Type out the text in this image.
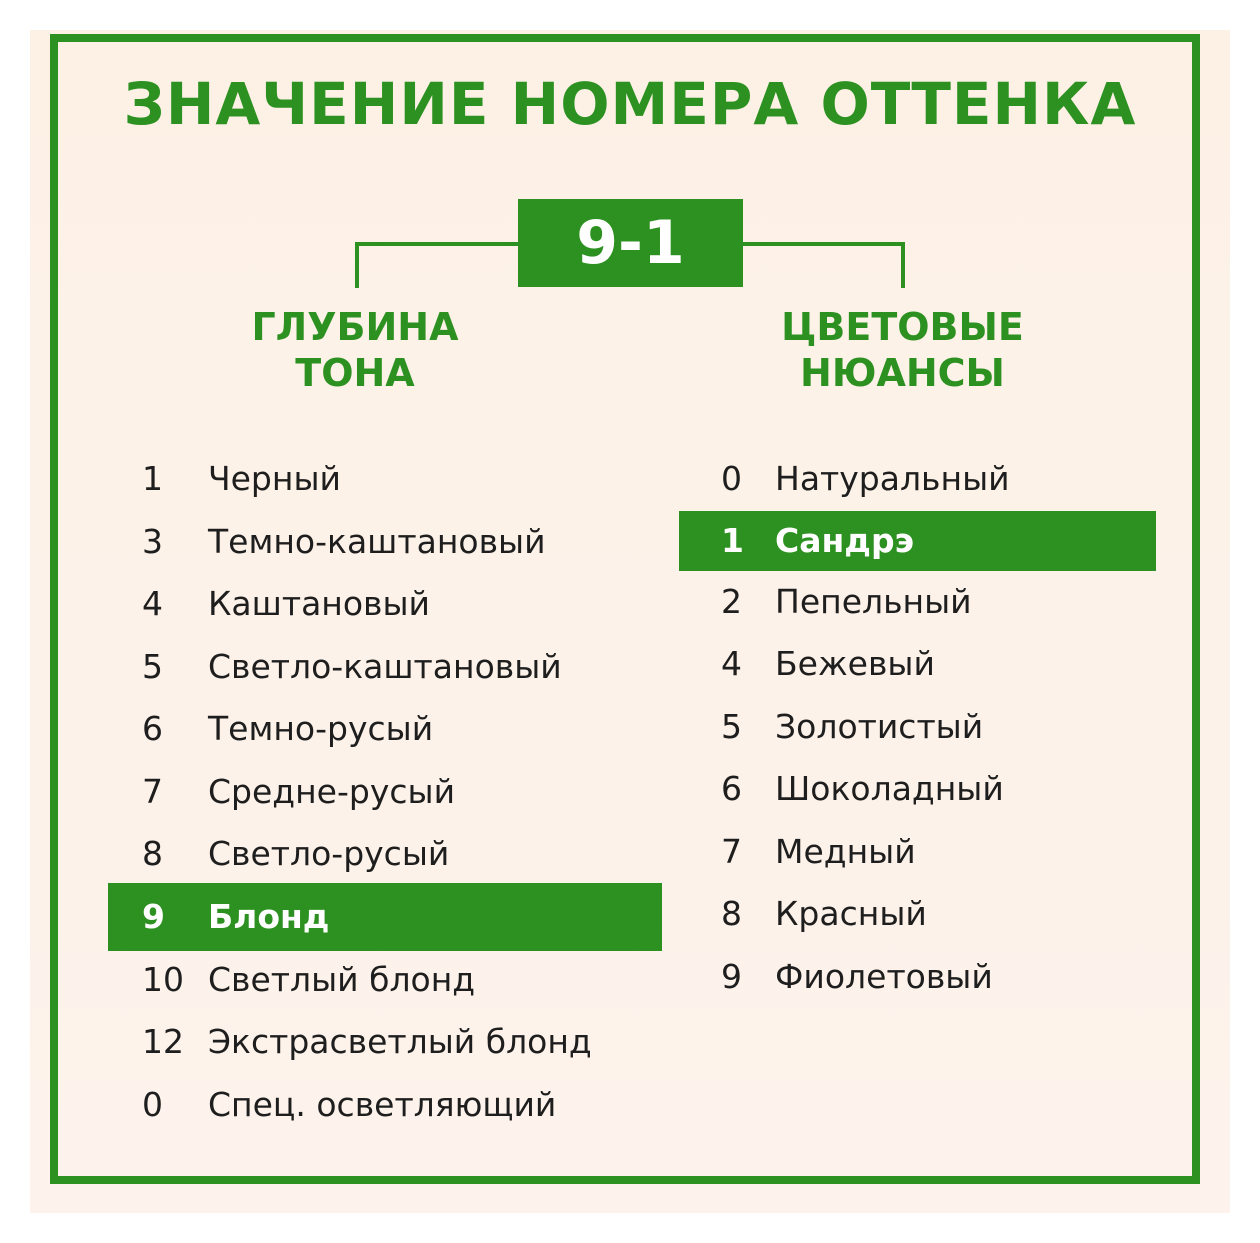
ЗНАЧЕНИЕ НОМЕРА ОТТЕНКА
9-1
ГЛУБИНА
ТОНА
ЦВЕТОВЫЕ
НЮАНСЫ
1 Черный
3 Темно-каштановый
4 Каштановый
5 Светло-каштановый
6 Темно-русый
7 Средне-русый
8 Светло-русый
9 Блонд
10 Светлый блонд
12 Экстрасветлый блонд
0 Спец. осветляющий
0 Натуральный
1 Сандрэ
2 Пепельный
4 Бежевый
5 Золотистый
6 Шоколадный
7 Медный
8 Красный
9 Фиолетовый
